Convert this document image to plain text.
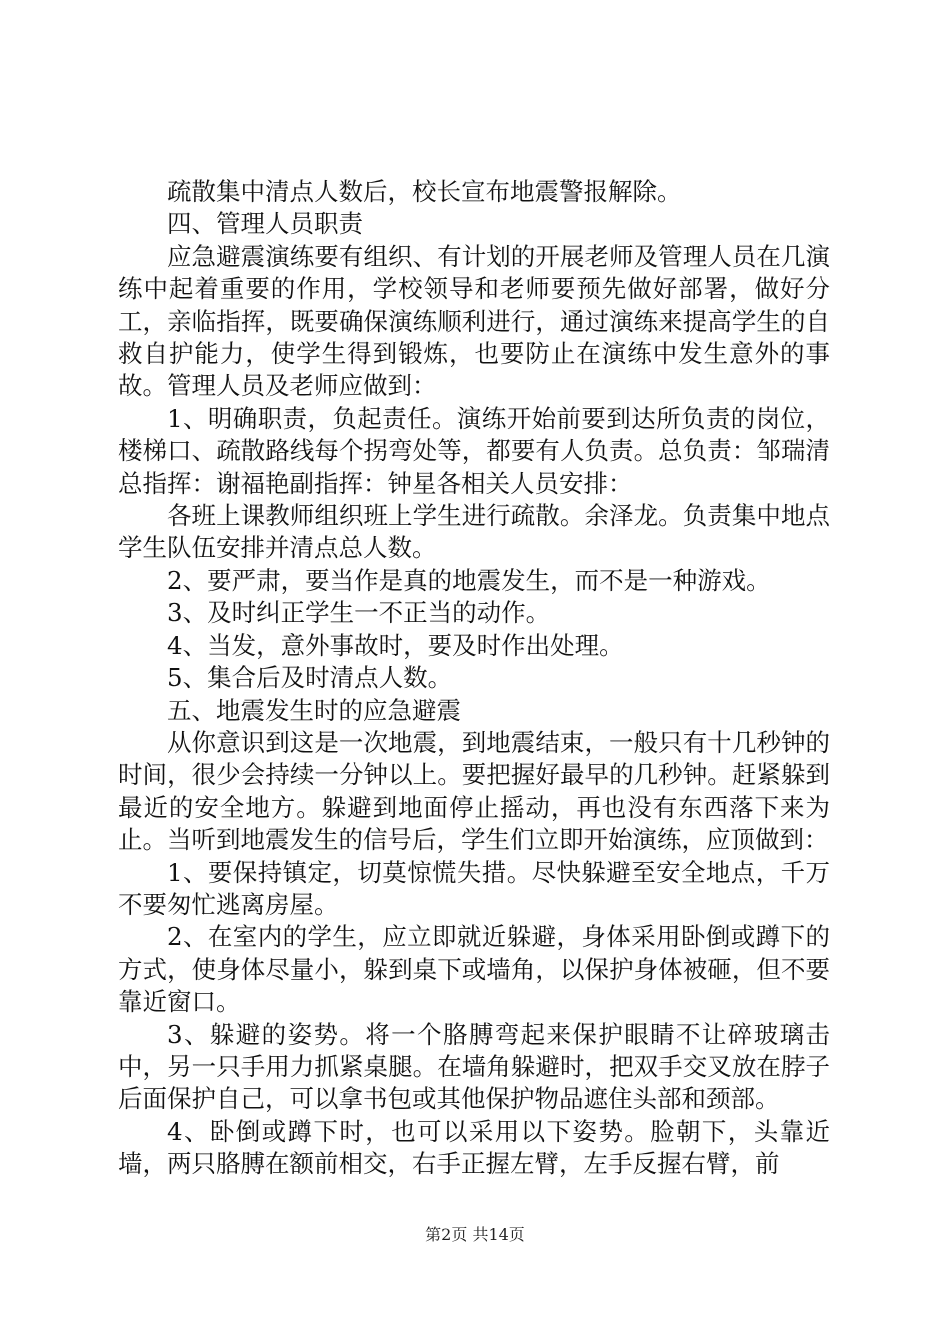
疏散集中清点人数后，校长宣布地震警报解除。

四、管理人员职责

应急避震演练要有组织、有计划的开展老师及管理人员在几演练中起着重要的作用，学校领导和老师要预先做好部署，做好分工，亲临指挥，既要确保演练顺利进行，通过演练来提高学生的自救自护能力，使学生得到锻炼，也要防止在演练中发生意外的事故。管理人员及老师应做到：

1、明确职责，负起责任。演练开始前要到达所负责的岗位，楼梯口、疏散路线每个拐弯处等，都要有人负责。总负责：邹瑞清总指挥：谢福艳副指挥：钟星各相关人员安排：

各班上课教师组织班上学生进行疏散。余泽龙。负责集中地点学生队伍安排并清点总人数。

2、要严肃，要当作是真的地震发生，而不是一种游戏。

3、及时纠正学生一不正当的动作。

4、当发，意外事故时，要及时作出处理。

5、集合后及时清点人数。

五、地震发生时的应急避震

从你意识到这是一次地震，到地震结束，一般只有十几秒钟的时间，很少会持续一分钟以上。要把握好最早的几秒钟。赶紧躲到最近的安全地方。躲避到地面停止摇动，再也没有东西落下来为止。当听到地震发生的信号后，学生们立即开始演练，应顶做到：

1、要保持镇定，切莫惊慌失措。尽快躲避至安全地点，千万不要匆忙逃离房屋。

2、在室内的学生，应立即就近躲避，身体采用卧倒或蹲下的方式，使身体尽量小，躲到桌下或墙角，以保护身体被砸，但不要靠近窗口。

3、躲避的姿势。将一个胳膊弯起来保护眼睛不让碎玻璃击中，另一只手用力抓紧桌腿。在墙角躲避时，把双手交叉放在脖子后面保护自己，可以拿书包或其他保护物品遮住头部和颈部。

4、卧倒或蹲下时，也可以采用以下姿势。脸朝下，头靠近墙，两只胳膊在额前相交，右手正握左臂，左手反握右臂，前

第2页 共14页
